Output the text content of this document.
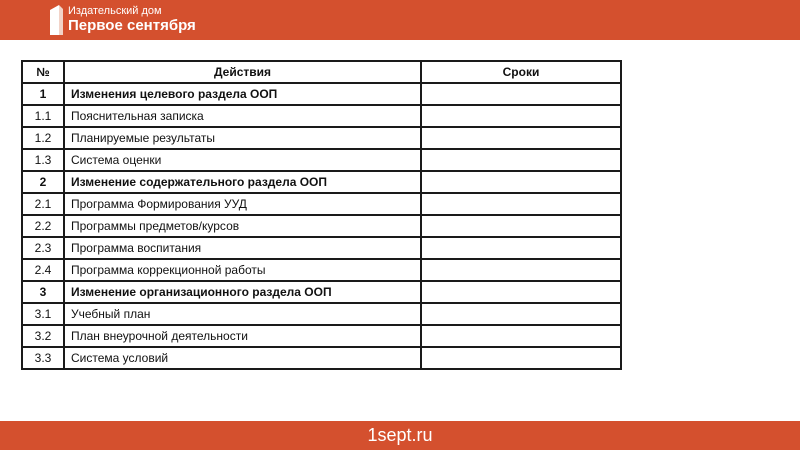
Издательский дом
Первое сентября
№	Действия	Сроки
1	Изменения целевого раздела ООП	
1.1	Пояснительная записка	
1.2	Планируемые результаты	
1.3	Система оценки	
2	Изменение содержательного раздела ООП	
2.1	Программа Формирования УУД	
2.2	Программы предметов/курсов	
2.3	Программа воспитания	
2.4	Программа коррекционной работы	
3	Изменение организационного раздела ООП	
3.1	Учебный план	
3.2	План внеурочной деятельности	
3.3	Система условий	
1sept.ru
